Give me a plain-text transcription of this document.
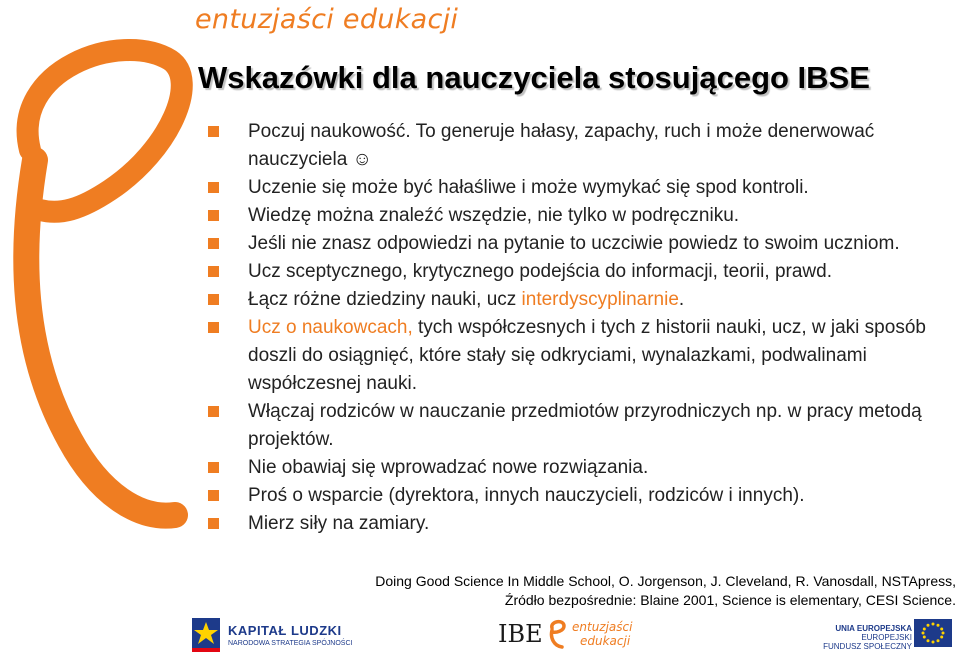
entuzjaści edukacji
Wskazówki dla nauczyciela stosującego IBSE
Poczuj naukowość. To generuje hałasy, zapachy, ruch i może denerwować nauczyciela ☺
Uczenie się może być hałaśliwe i może wymykać się spod kontroli.
Wiedzę można znaleźć wszędzie, nie tylko w podręczniku.
Jeśli nie znasz odpowiedzi na pytanie to uczciwie powiedz to swoim uczniom.
Ucz sceptycznego, krytycznego podejścia do informacji, teorii, prawd.
Łącz różne dziedziny nauki, ucz interdyscyplinarnie.
Ucz o naukowcach, tych współczesnych i tych z historii nauki, ucz, w jaki sposób doszli do osiągnięć, które stały się odkryciami, wynalazkami, podwalinami współczesnej nauki.
Włączaj rodziców w nauczanie przedmiotów przyrodniczych np. w pracy metodą projektów.
Nie obawiaj się wprowadzać nowe rozwiązania.
Proś o wsparcie (dyrektora, innych nauczycieli, rodziców i innych).
Mierz siły na zamiary.
Doing Good Science In Middle School, O. Jorgenson, J. Cleveland, R. Vanosdall, NSTApress,
Źródło bezpośrednie: Blaine 2001, Science is elementary, CESI Science.
KAPITAŁ LUDZKI
NARODOWA STRATEGIA SPÓJNOŚCI	IBE entuzjaści
edukacji
UNIA EUROPEJSKA
EUROPEJSKI
FUNDUSZ SPOŁECZNY
